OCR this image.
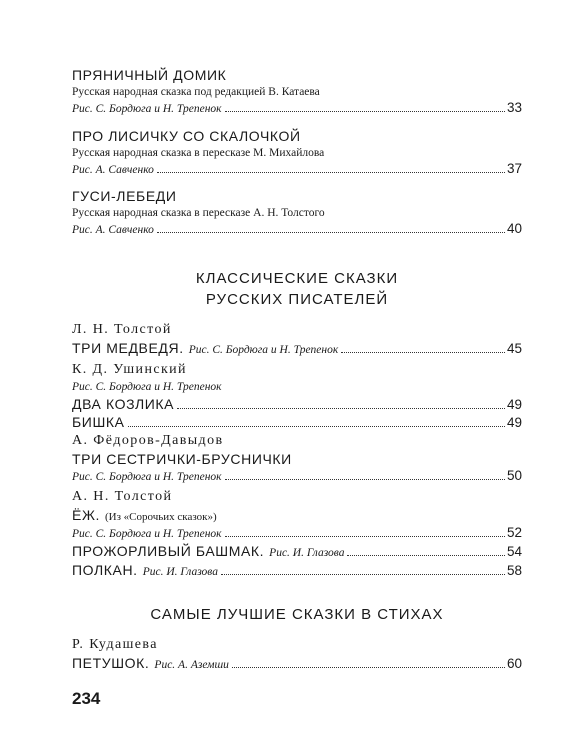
ПРЯНИЧНЫЙ ДОМИК
Русская народная сказка под редакцией В. Катаева
Рис. С. Бордюга и Н. Трепенок	33
ПРО ЛИСИЧКУ СО СКАЛОЧКОЙ
Русская народная сказка в пересказе М. Михайлова
Рис. А. Савченко	37
ГУСИ-ЛЕБЕДИ
Русская народная сказка в пересказе А. Н. Толстого
Рис. А. Савченко	40
КЛАССИЧЕСКИЕ СКАЗКИ
РУССКИХ ПИСАТЕЛЕЙ
Л. Н. Толстой
ТРИ МЕДВЕДЯ. Рис. С. Бордюга и Н. Трепенок	45
К. Д. Ушинский
Рис. С. Бордюга и Н. Трепенок
ДВА КОЗЛИКА	49
БИШКА	49
А. Фёдоров-Давыдов
ТРИ СЕСТРИЧКИ-БРУСНИЧКИ
Рис. С. Бордюга и Н. Трепенок	50
А. Н. Толстой
ЁЖ. (Из «Сорочьих сказок»)
Рис. С. Бордюга и Н. Трепенок	52
ПРОЖОРЛИВЫЙ БАШМАК. Рис. И. Глазова	54
ПОЛКАН. Рис. И. Глазова	58
САМЫЕ ЛУЧШИЕ СКАЗКИ В СТИХАХ
Р. Кудашева
ПЕТУШОК. Рис. А. Аземши	60
234
